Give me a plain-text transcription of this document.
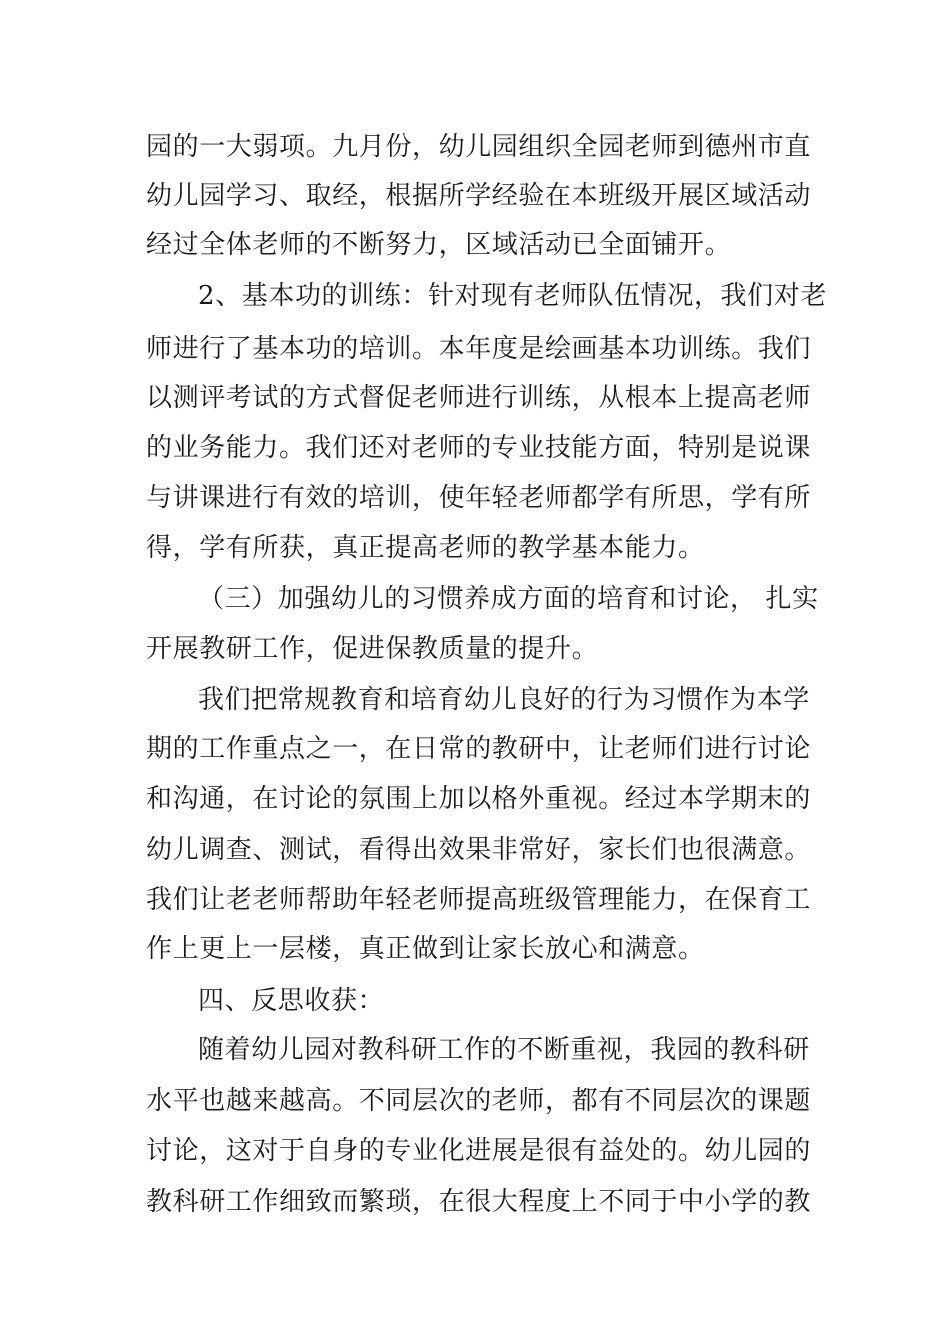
园的一大弱项。九月份，幼儿园组织全园老师到德州市直
幼儿园学习、取经，根据所学经验在本班级开展区域活动
经过全体老师的不断努力，区域活动已全面铺开。
2、基本功的训练：针对现有老师队伍情况，我们对老
师进行了基本功的培训。本年度是绘画基本功训练。我们
以测评考试的方式督促老师进行训练，从根本上提高老师
的业务能力。我们还对老师的专业技能方面，特别是说课
与讲课进行有效的培训，使年轻老师都学有所思，学有所
得，学有所获，真正提高老师的教学基本能力。
（三）加强幼儿的习惯养成方面的培育和讨论， 扎实
开展教研工作，促进保教质量的提升。
我们把常规教育和培育幼儿良好的行为习惯作为本学
期的工作重点之一，在日常的教研中，让老师们进行讨论
和沟通，在讨论的氛围上加以格外重视。经过本学期末的
幼儿调查、测试，看得出效果非常好，家长们也很满意。
我们让老老师帮助年轻老师提高班级管理能力，在保育工
作上更上一层楼，真正做到让家长放心和满意。
四、反思收获：
随着幼儿园对教科研工作的不断重视，我园的教科研
水平也越来越高。不同层次的老师，都有不同层次的课题
讨论，这对于自身的专业化进展是很有益处的。幼儿园的
教科研工作细致而繁琐，在很大程度上不同于中小学的教
